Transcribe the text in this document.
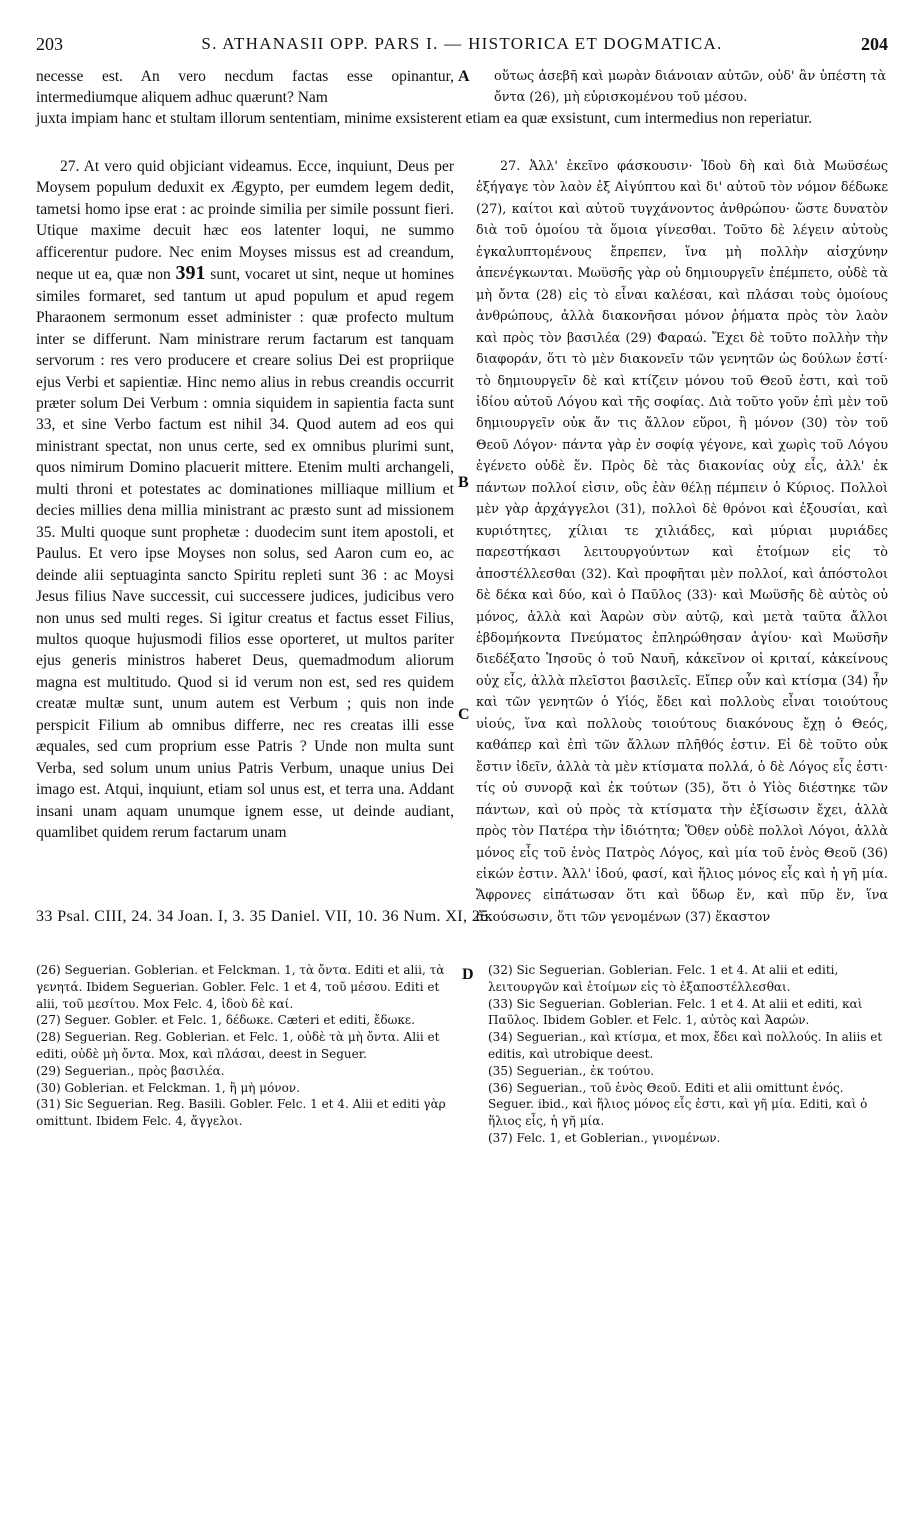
203	S. ATHANASII OPP. PARS I. — HISTORICA ET DOGMATICA.	204
necesse est. An vero necdum factas esse opinantur, intermediumque aliquem adhuc quærunt? Nam
οὕτως ἀσεβῆ καὶ μωρὰν διάνοιαν αὐτῶν, οὐδ' ἂν ὑπέστη τὰ ὄντα (26), μὴ εὑρισκομένου τοῦ μέσου.
juxta impiam hanc et stultam illorum sententiam, minime exsisterent etiam ea quæ exsistunt, cum intermedius non reperiatur.
A
B
C
D

27. At vero quid objiciant videamus. Ecce, inquiunt, Deus per Moysem populum deduxit ex Ægypto, per eumdem legem dedit, tametsi homo ipse erat : ac proinde similia per simile possunt fieri. Utique maxime decuit hæc eos latenter loqui, ne summo afficerentur pudore. Nec enim Moyses missus est ad creandum, neque ut ea, quæ non 391 sunt, vocaret ut sint, neque ut homines similes formaret, sed tantum ut apud populum et apud regem Pharaonem sermonum esset administer : quæ profecto multum inter se differunt. Nam ministrare rerum factarum est tanquam servorum : res vero producere et creare solius Dei est propriique ejus Verbi et sapientiæ. Hinc nemo alius in rebus creandis occurrit præter solum Dei Verbum : omnia siquidem in sapientia facta sunt 33, et sine Verbo factum est nihil 34. Quod autem ad eos qui ministrant spectat, non unus certe, sed ex omnibus plurimi sunt, quos nimirum Domino placuerit mittere. Etenim multi archangeli, multi throni et potestates ac dominationes milliaque millium et decies millies dena millia ministrant ac præsto sunt ad missionem 35. Multi quoque sunt prophetæ : duodecim sunt item apostoli, et Paulus. Et vero ipse Moyses non solus, sed Aaron cum eo, ac deinde alii septuaginta sancto Spiritu repleti sunt 36 : ac Moysi Jesus filius Nave successit, cui successere judices, judicibus vero non unus sed multi reges. Si igitur creatus et factus esset Filius, multos quoque hujusmodi filios esse oporteret, ut multos pariter ejus generis ministros haberet Deus, quemadmodum aliorum magna est multitudo. Quod si id verum non est, sed res quidem creatæ multæ sunt, unum autem est Verbum ; quis non inde perspicit Filium ab omnibus differre, nec res creatas illi esse æquales, sed cum proprium esse Patris ? Unde non multa sunt Verba, sed solum unum unius Patris Verbum, unaque unius Dei imago est. Atqui, inquiunt, etiam sol unus est, et terra una. Addant insani unam aquam unumque ignem esse, ut deinde audiant, quamlibet quidem rerum factarum unam

27. Ἀλλ' ἐκεῖνο φάσκουσιν· Ἰδοὺ δὴ καὶ διὰ Μωϋσέως ἐξήγαγε τὸν λαὸν ἐξ Αἰγύπτου καὶ δι' αὐτοῦ τὸν νόμον δέδωκε (27), καίτοι καὶ αὐτοῦ τυγχάνοντος ἀνθρώπου· ὥστε δυνατὸν διὰ τοῦ ὁμοίου τὰ ὅμοια γίνεσθαι. Τοῦτο δὲ λέγειν αὐτοὺς ἐγκαλυπτομένους ἔπρεπεν, ἵνα μὴ πολλὴν αἰσχύνην ἀπενέγκωνται. Μωϋσῆς γὰρ οὐ δημιουργεῖν ἐπέμπετο, οὐδὲ τὰ μὴ ὄντα (28) εἰς τὸ εἶναι καλέσαι, καὶ πλάσαι τοὺς ὁμοίους ἀνθρώπους, ἀλλὰ διακονῆσαι μόνον ῥήματα πρὸς τὸν λαὸν καὶ πρὸς τὸν βασιλέα (29) Φαραώ. Ἔχει δὲ τοῦτο πολλὴν τὴν διαφοράν, ὅτι τὸ μὲν διακονεῖν τῶν γενητῶν ὡς δούλων ἐστί· τὸ δημιουργεῖν δὲ καὶ κτίζειν μόνου τοῦ Θεοῦ ἐστι, καὶ τοῦ ἰδίου αὐτοῦ Λόγου καὶ τῆς σοφίας. Διὰ τοῦτο γοῦν ἐπὶ μὲν τοῦ δημιουργεῖν οὐκ ἄν τις ἄλλον εὕροι, ἢ μόνον (30) τὸν τοῦ Θεοῦ Λόγον· πάντα γὰρ ἐν σοφίᾳ γέγονε, καὶ χωρὶς τοῦ Λόγου ἐγένετο οὐδὲ ἕν. Πρὸς δὲ τὰς διακονίας οὐχ εἷς, ἀλλ' ἐκ πάντων πολλοί εἰσιν, οὓς ἐὰν θέλῃ πέμπειν ὁ Κύριος. Πολλοὶ μὲν γὰρ ἀρχάγγελοι (31), πολλοὶ δὲ θρόνοι καὶ ἐξουσίαι, καὶ κυριότητες, χίλιαι τε χιλιάδες, καὶ μύριαι μυριάδες παρεστήκασι λειτουργούντων καὶ ἑτοίμων εἰς τὸ ἀποστέλλεσθαι (32). Καὶ προφῆται μὲν πολλοί, καὶ ἀπόστολοι δὲ δέκα καὶ δύο, καὶ ὁ Παῦλος (33)· καὶ Μωϋσῆς δὲ αὐτὸς οὐ μόνος, ἀλλὰ καὶ Ἀαρὼν σὺν αὐτῷ, καὶ μετὰ ταῦτα ἄλλοι ἑβδομήκοντα Πνεύματος ἐπληρώθησαν ἁγίου· καὶ Μωϋσῆν διεδέξατο Ἰησοῦς ὁ τοῦ Ναυῆ, κἀκεῖνον οἱ κριταί, κἀκείνους οὐχ εἷς, ἀλλὰ πλεῖστοι βασιλεῖς. Εἴπερ οὖν καὶ κτίσμα (34) ἦν καὶ τῶν γενητῶν ὁ Υἱός, ἔδει καὶ πολλοὺς εἶναι τοιούτους υἱούς, ἵνα καὶ πολλοὺς τοιούτους διακόνους ἔχῃ ὁ Θεός, καθάπερ καὶ ἐπὶ τῶν ἄλλων πλῆθός ἐστιν. Εἰ δὲ τοῦτο οὐκ ἔστιν ἰδεῖν, ἀλλὰ τὰ μὲν κτίσματα πολλά, ὁ δὲ Λόγος εἷς ἐστι· τίς οὐ συνορᾷ καὶ ἐκ τούτων (35), ὅτι ὁ Υἱὸς διέστηκε τῶν πάντων, καὶ οὐ πρὸς τὰ κτίσματα τὴν ἐξίσωσιν ἔχει, ἀλλὰ πρὸς τὸν Πατέρα τὴν ἰδιότητα; Ὅθεν οὐδὲ πολλοὶ Λόγοι, ἀλλὰ μόνος εἷς τοῦ ἑνὸς Πατρὸς Λόγος, καὶ μία τοῦ ἑνὸς Θεοῦ (36) εἰκών ἐστιν. Ἀλλ' ἰδού, φασί, καὶ ἥλιος μόνος εἷς καὶ ἡ γῆ μία. Ἄφρονες εἰπάτωσαν ὅτι καὶ ὕδωρ ἕν, καὶ πῦρ ἕν, ἵνα ἀκούσωσιν, ὅτι τῶν γενομένων (37) ἕκαστον

33 Psal. CIII, 24. 34 Joan. I, 3. 35 Daniel. VII, 10. 36 Num. XI, 25.

(26) Seguerian. Goblerian. et Felckman. 1, τὰ ὄντα. Editi et alii, τὰ γενητά. Ibidem Seguerian. Gobler. Felc. 1 et 4, τοῦ μέσου. Editi et alii, τοῦ μεσίτου. Mox Felc. 4, ἰδοὺ δὲ καί.

(27) Seguer. Gobler. et Felc. 1, δέδωκε. Cæteri et editi, ἔδωκε.

(28) Seguerian. Reg. Goblerian. et Felc. 1, οὐδὲ τὰ μὴ ὄντα. Alii et editi, οὐδὲ μὴ ὄντα. Mox, καὶ πλάσαι, deest in Seguer.

(29) Seguerian., πρὸς βασιλέα.

(30) Goblerian. et Felckman. 1, ἢ μὴ μόνον.

(31) Sic Seguerian. Reg. Basili. Gobler. Felc. 1 et 4. Alii et editi γὰρ omittunt. Ibidem Felc. 4, ἄγγελοι.

(32) Sic Seguerian. Goblerian. Felc. 1 et 4. At alii et editi, λειτουργῶν καὶ ἑτοίμων εἰς τὸ ἐξαποστέλλεσθαι.

(33) Sic Seguerian. Goblerian. Felc. 1 et 4. At alii et editi, καὶ Παῦλος. Ibidem Gobler. et Felc. 1, αὐτὸς καὶ Ἀαρών.

(34) Seguerian., καὶ κτίσμα, et mox, ἔδει καὶ πολλούς. In aliis et editis, καὶ utrobique deest.

(35) Seguerian., ἐκ τούτου.

(36) Seguerian., τοῦ ἑνὸς Θεοῦ. Editi et alii omittunt ἑνός. Seguer. ibid., καὶ ἥλιος μόνος εἷς ἐστι, καὶ γῆ μία. Editi, καὶ ὁ ἥλιος εἷς, ἡ γῆ μία.

(37) Felc. 1, et Goblerian., γινομένων.
